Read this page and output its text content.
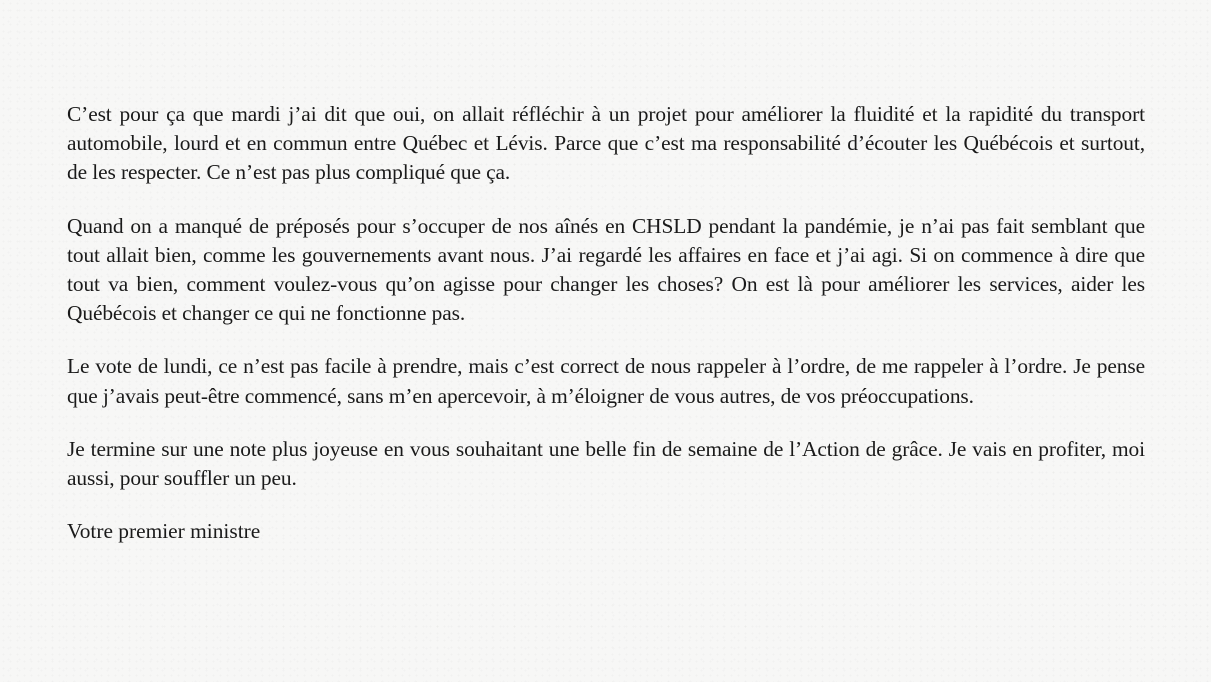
C’est pour ça que mardi j’ai dit que oui, on allait réfléchir à un projet pour améliorer la fluidité et la rapidité du transport automobile, lourd et en commun entre Québec et Lévis. Parce que c’est ma responsabilité d’écouter les Québécois et surtout, de les respecter. Ce n’est pas plus compliqué que ça.

Quand on a manqué de préposés pour s’occuper de nos aînés en CHSLD pendant la pandémie, je n’ai pas fait semblant que tout allait bien, comme les gouvernements avant nous. J’ai regardé les affaires en face et j’ai agi. Si on commence à dire que tout va bien, comment voulez-vous qu’on agisse pour changer les choses? On est là pour améliorer les services, aider les Québécois et changer ce qui ne fonctionne pas.

Le vote de lundi, ce n’est pas facile à prendre, mais c’est correct de nous rappeler à l’ordre, de me rappeler à l’ordre. Je pense que j’avais peut-être commencé, sans m’en apercevoir, à m’éloigner de vous autres, de vos préoccupations.

Je termine sur une note plus joyeuse en vous souhaitant une belle fin de semaine de l’Action de grâce. Je vais en profiter, moi aussi, pour souffler un peu.

Votre premier ministre
